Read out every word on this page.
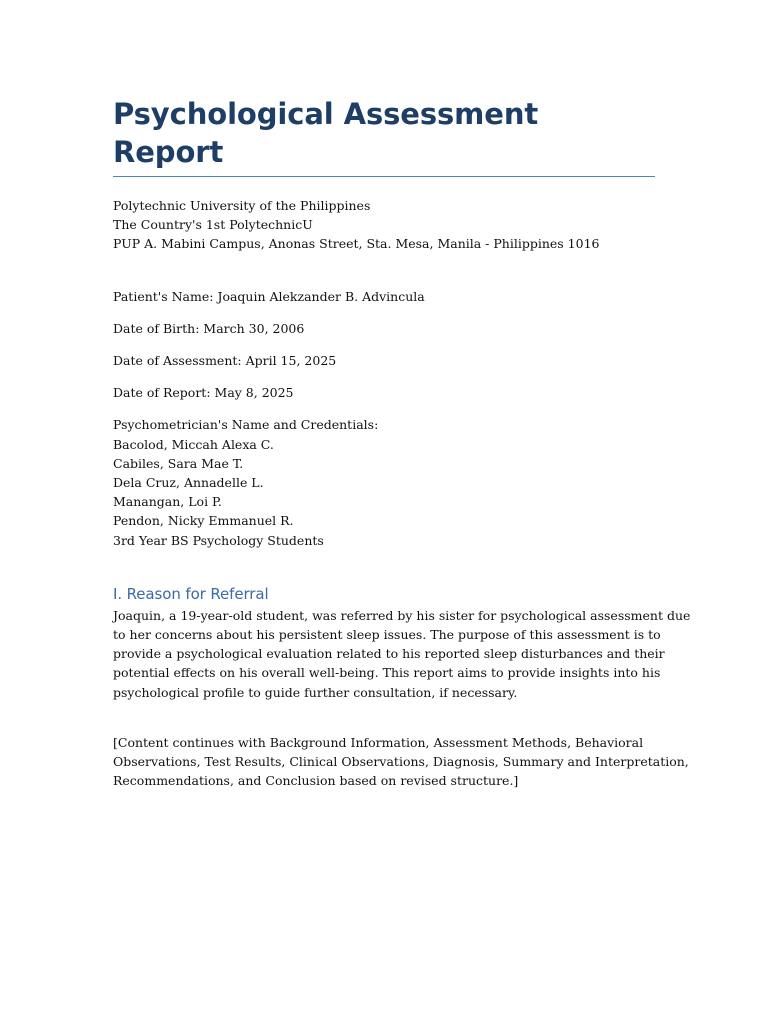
Psychological Assessment Report
Polytechnic University of the Philippines
The Country's 1st PolytechnicU
PUP A. Mabini Campus, Anonas Street, Sta. Mesa, Manila - Philippines 1016
Patient's Name: Joaquin Alekzander B. Advincula
Date of Birth: March 30, 2006
Date of Assessment: April 15, 2025
Date of Report: May 8, 2025
Psychometrician's Name and Credentials:
Bacolod, Miccah Alexa C.
Cabiles, Sara Mae T.
Dela Cruz, Annadelle L.
Manangan, Loi P.
Pendon, Nicky Emmanuel R.
3rd Year BS Psychology Students
I. Reason for Referral

Joaquin, a 19-year-old student, was referred by his sister for psychological assessment due
to her concerns about his persistent sleep issues. The purpose of this assessment is to
provide a psychological evaluation related to his reported sleep disturbances and their
potential effects on his overall well-being. This report aims to provide insights into his
psychological profile to guide further consultation, if necessary.

[Content continues with Background Information, Assessment Methods, Behavioral
Observations, Test Results, Clinical Observations, Diagnosis, Summary and Interpretation,
Recommendations, and Conclusion based on revised structure.]
